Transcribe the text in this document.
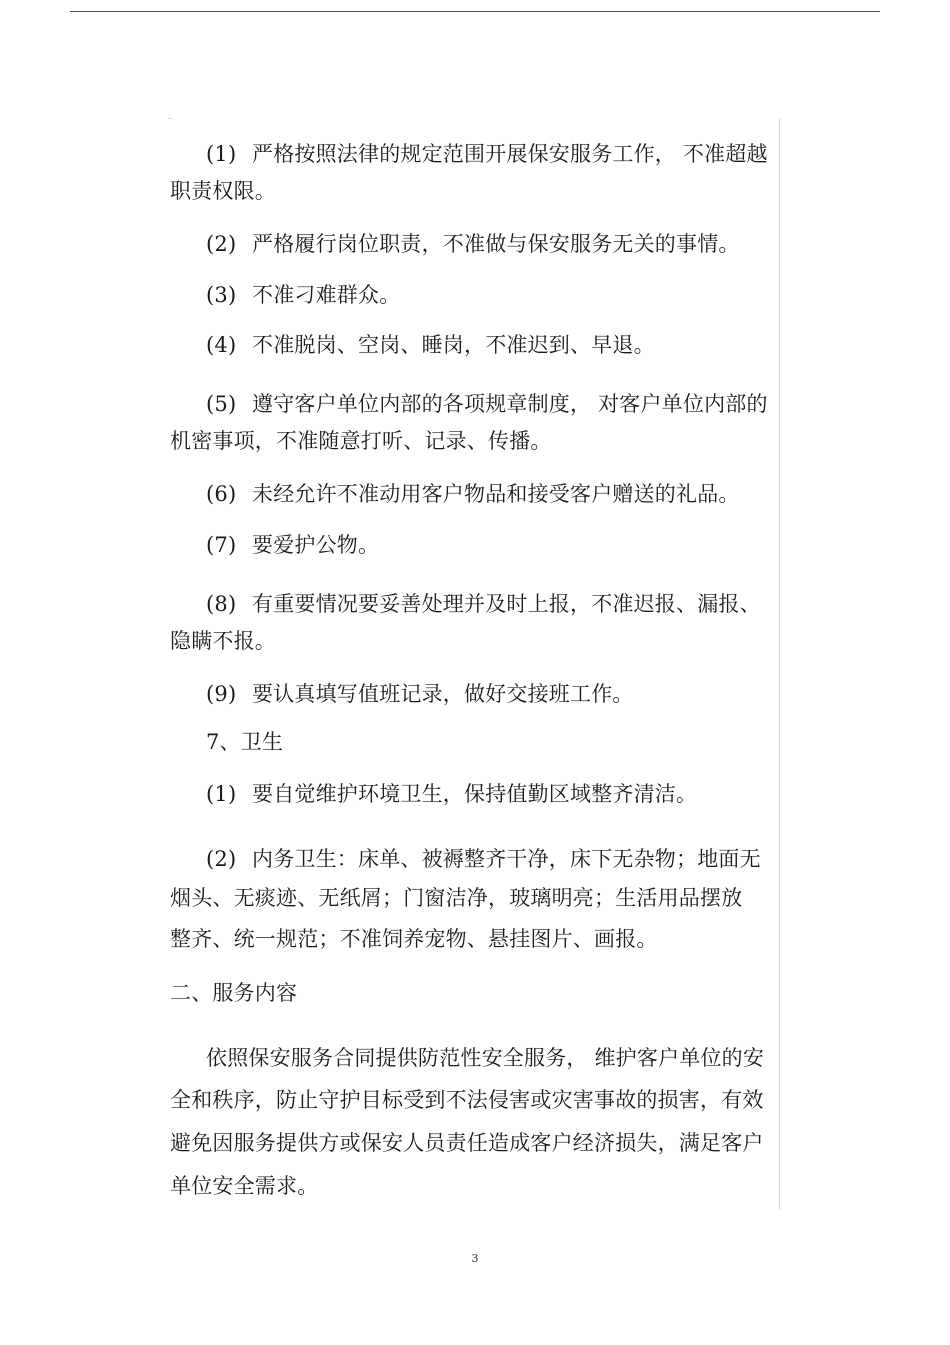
(1) 严格按照法律的规定范围开展保安服务工作， 不准超越
职责权限。
(2) 严格履行岗位职责，不准做与保安服务无关的事情。
(3) 不准刁难群众。
(4) 不准脱岗、空岗、睡岗，不准迟到、早退。
(5) 遵守客户单位内部的各项规章制度， 对客户单位内部的
机密事项，不准随意打听、记录、传播。
(6) 未经允许不准动用客户物品和接受客户赠送的礼品。
(7) 要爱护公物。
(8) 有重要情况要妥善处理并及时上报，不准迟报、漏报、
隐瞒不报。
(9) 要认真填写值班记录，做好交接班工作。
7、卫生
(1) 要自觉维护环境卫生，保持值勤区域整齐清洁。
(2) 内务卫生：床单、被褥整齐干净，床下无杂物；地面无
烟头、无痰迹、无纸屑；门窗洁净，玻璃明亮；生活用品摆放
整齐、统一规范；不准饲养宠物、悬挂图片、画报。
二、服务内容
依照保安服务合同提供防范性安全服务， 维护客户单位的安
全和秩序，防止守护目标受到不法侵害或灾害事故的损害，有效
避免因服务提供方或保安人员责任造成客户经济损失，满足客户
单位安全需求。
3
